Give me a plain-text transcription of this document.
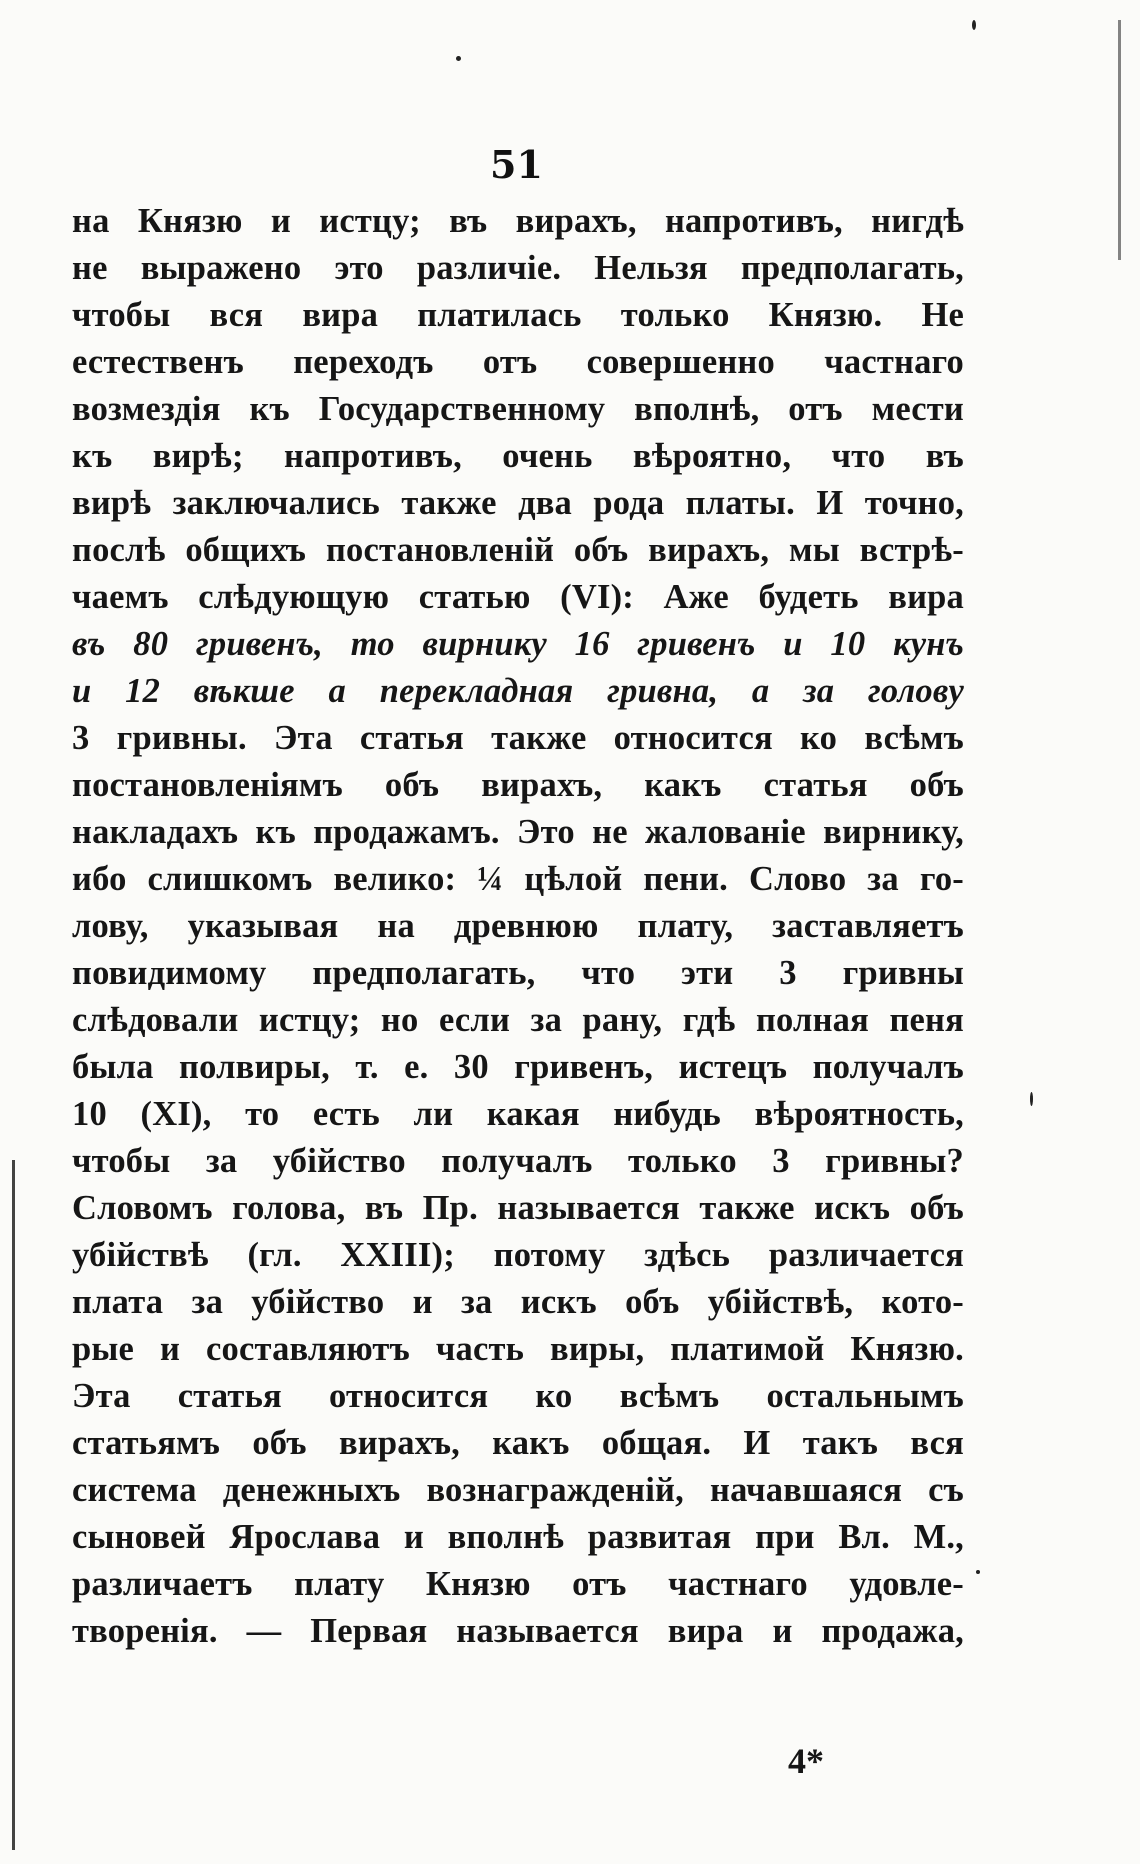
51
на Князю и истцу; въ вирахъ, напротивъ, нигдѣ
не выражено это различіе. Нельзя предполагать,
чтобы вся вира платилась только Князю. Не
естественъ переходъ отъ совершенно частнаго
возмездія къ Государственному вполнѣ, отъ мести
къ вирѣ; напротивъ, очень вѣроятно, что въ
вирѣ заключались также два рода платы. И точно,
послѣ общихъ постановленій объ вирахъ, мы встрѣ-
чаемъ слѣдующую статью (VI): Аже будеть вира
въ 80 гривенъ, то вирнику 16 гривенъ и 10 кунъ
и 12 вѣкше а перекладная гривна, а за голову
3 гривны. Эта статья также относится ко всѣмъ
постановленіямъ объ вирахъ, какъ статья объ
накладахъ къ продажамъ. Это не жалованіе вирнику,
ибо слишкомъ велико: ¼ цѣлой пени. Слово за го-
лову, указывая на древнюю плату, заставляетъ
повидимому предполагать, что эти 3 гривны
слѣдовали истцу; но если за рану, гдѣ полная пеня
была полвиры, т. е. 30 гривенъ, истецъ получалъ
10 (XI), то есть ли какая нибудь вѣроятность,
чтобы за убійство получалъ только 3 гривны?
Словомъ голова, въ Пр. называется также искъ объ
убійствѣ (гл. XXIII); потому здѣсь различается
плата за убійство и за искъ объ убійствѣ, кото-
рые и составляютъ часть виры, платимой Князю.
Эта статья относится ко всѣмъ остальнымъ
статьямъ объ вирахъ, какъ общая. И такъ вся
система денежныхъ вознагражденій, начавшаяся съ
сыновей Ярослава и вполнѣ развитая при Вл. М.,
различаетъ плату Князю отъ частнаго удовле-
творенія. — Первая называется вира и продажа,
4*
